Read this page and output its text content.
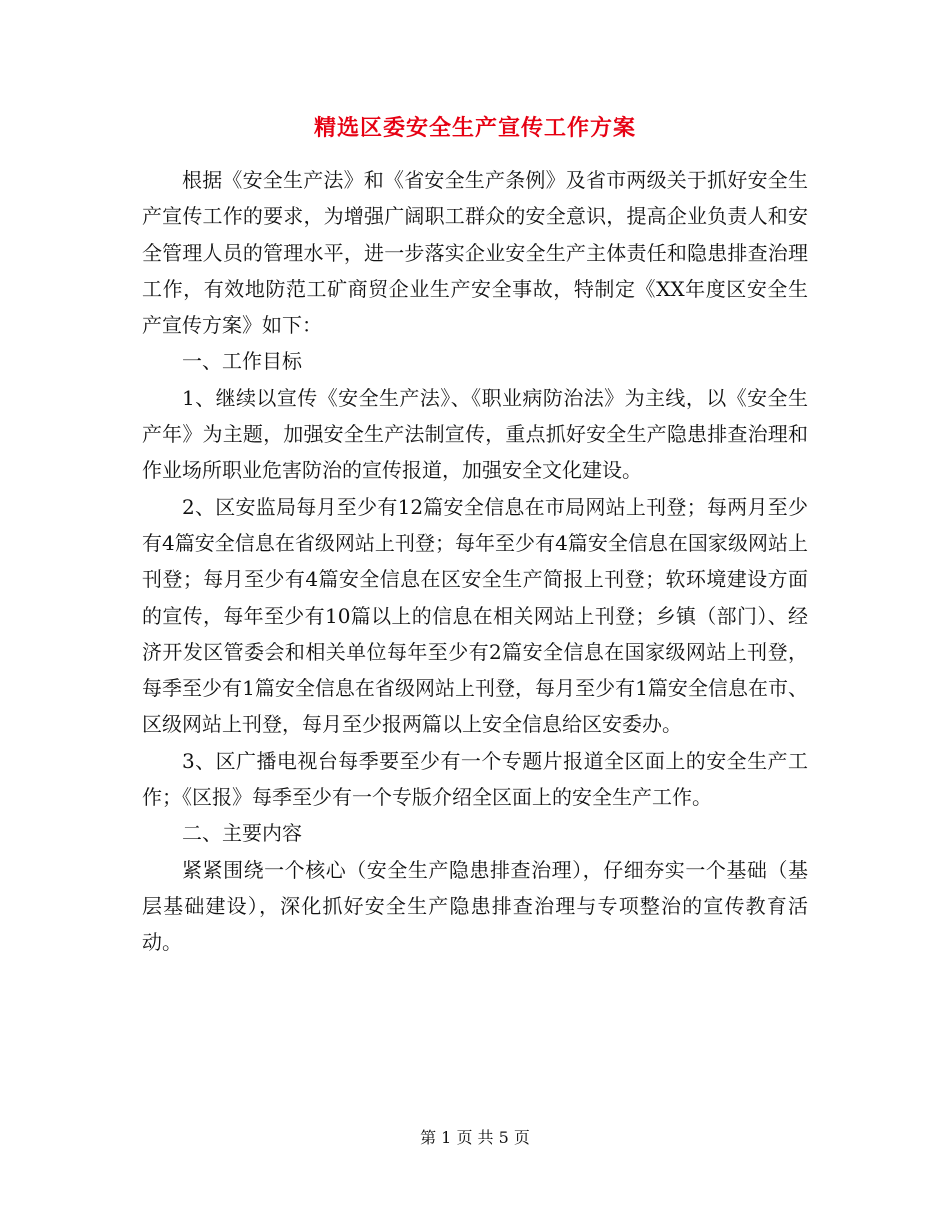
精选区委安全生产宣传工作方案

根据《安全生产法》和《省安全生产条例》及省市两级关于抓好安全生产宣传工作的要求，为增强广阔职工群众的安全意识，提高企业负责人和安全管理人员的管理水平，进一步落实企业安全生产主体责任和隐患排查治理工作，有效地防范工矿商贸企业生产安全事故，特制定《XX年度区安全生产宣传方案》如下：

一、工作目标

1、继续以宣传《安全生产法》、《职业病防治法》为主线，以《安全生产年》为主题，加强安全生产法制宣传，重点抓好安全生产隐患排查治理和作业场所职业危害防治的宣传报道，加强安全文化建设。

2、区安监局每月至少有12篇安全信息在市局网站上刊登；每两月至少有4篇安全信息在省级网站上刊登；每年至少有4篇安全信息在国家级网站上刊登；每月至少有4篇安全信息在区安全生产简报上刊登；软环境建设方面的宣传，每年至少有10篇以上的信息在相关网站上刊登；乡镇（部门）、经济开发区管委会和相关单位每年至少有2篇安全信息在国家级网站上刊登，每季至少有1篇安全信息在省级网站上刊登，每月至少有1篇安全信息在市、区级网站上刊登，每月至少报两篇以上安全信息给区安委办。

3、区广播电视台每季要至少有一个专题片报道全区面上的安全生产工作；《区报》每季至少有一个专版介绍全区面上的安全生产工作。

二、主要内容

紧紧围绕一个核心（安全生产隐患排查治理），仔细夯实一个基础（基层基础建设），深化抓好安全生产隐患排查治理与专项整治的宣传教育活动。

第 1 页 共 5 页
